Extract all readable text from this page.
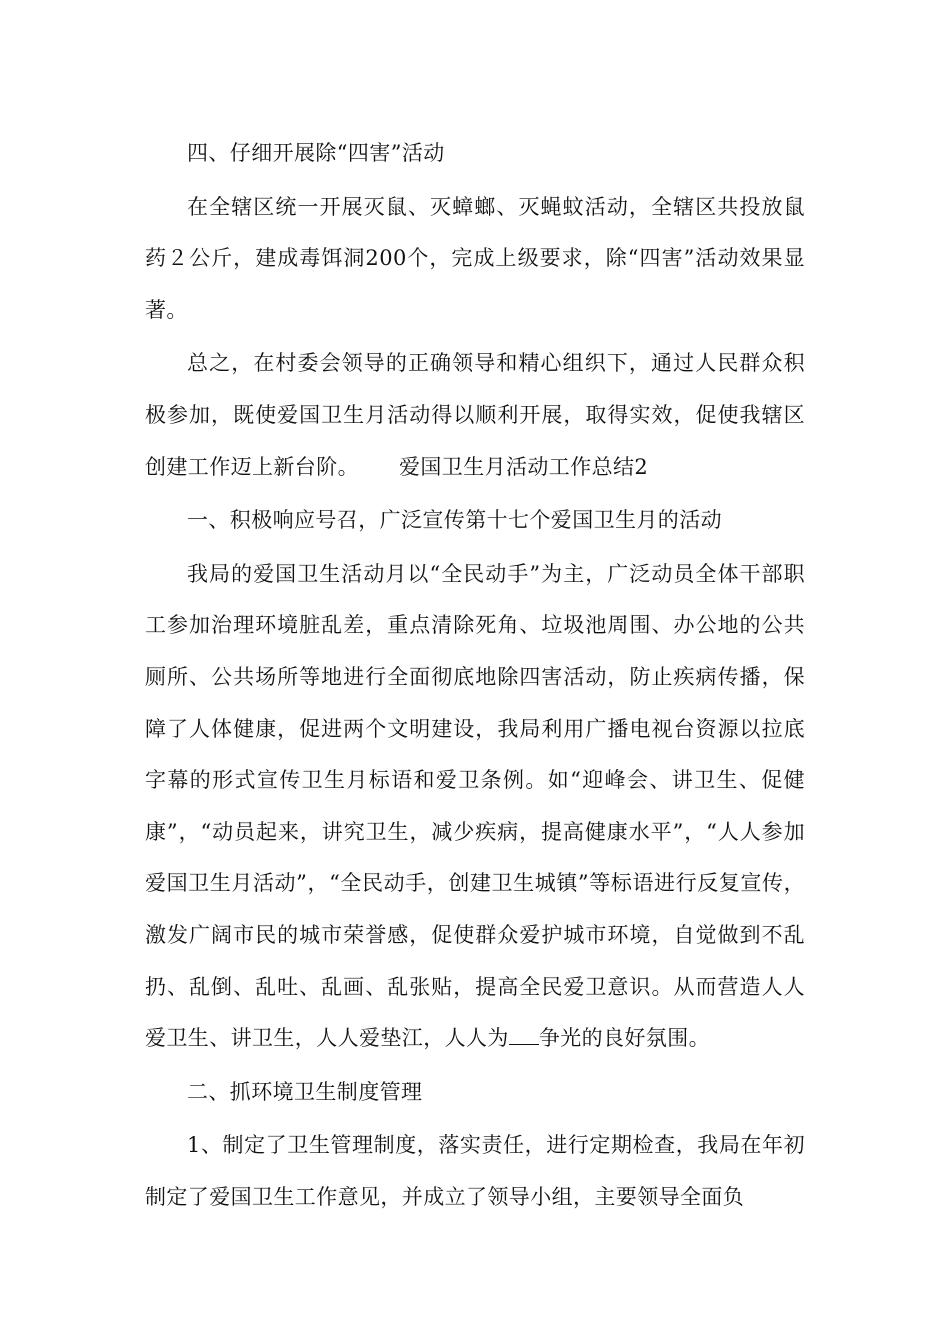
四、仔细开展除“四害”活动

在全辖区统一开展灭鼠、灭蟑螂、灭蝇蚊活动，全辖区共投放鼠药２公斤，建成毒饵洞200个，完成上级要求，除“四害”活动效果显著。

总之，在村委会领导的正确领导和精心组织下，通过人民群众积极参加，既使爱国卫生月活动得以顺利开展，取得实效，促使我辖区创建工作迈上新台阶。 爱国卫生月活动工作总结2

一、积极响应号召，广泛宣传第十七个爱国卫生月的活动

我局的爱国卫生活动月以“全民动手”为主，广泛动员全体干部职工参加治理环境脏乱差，重点清除死角、垃圾池周围、办公地的公共厕所、公共场所等地进行全面彻底地除四害活动，防止疾病传播，保障了人体健康，促进两个文明建设，我局利用广播电视台资源以拉底字幕的形式宣传卫生月标语和爱卫条例。如“迎峰会、讲卫生、促健康”，“动员起来，讲究卫生，减少疾病，提高健康水平”，“人人参加爱国卫生月活动”，“全民动手，创建卫生城镇”等标语进行反复宣传，激发广阔市民的城市荣誉感，促使群众爱护城市环境，自觉做到不乱扔、乱倒、乱吐、乱画、乱张贴，提高全民爱卫意识。从而营造人人爱卫生、讲卫生，人人爱垫江，人人为 争光的良好氛围。

二、抓环境卫生制度管理

1、制定了卫生管理制度，落实责任，进行定期检查，我局在年初制定了爱国卫生工作意见，并成立了领导小组，主要领导全面负
